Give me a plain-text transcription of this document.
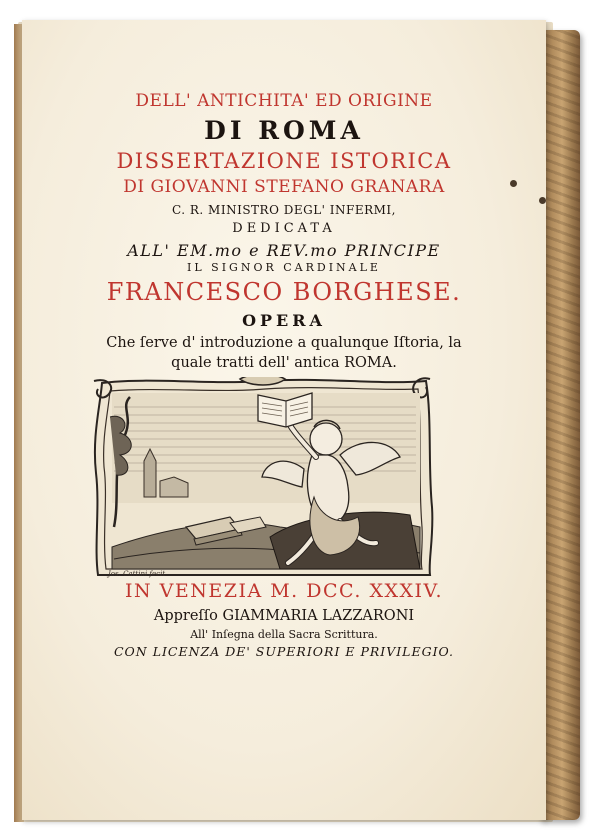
DELL' ANTICHITA' ED ORIGINE
DI ROMA
DISSERTAZIONE ISTORICA
DI GIOVANNI STEFANO GRANARA
C. R. MINISTRO DEGL' INFERMI,
DEDICATA
ALL' EM.mo e REV.mo PRINCIPE
IL SIGNOR CARDINALE
FRANCESCO BORGHESE.
OPERA
Che ſerve d' introduzione a qualunque Iſtoria, la
quale tratti dell' antica ROMA.
Jos. Cattini fecit
IN VENEZIA M. DCC. XXXIV.
Appreſſo GIAMMARIA LAZZARONI
All' Inſegna della Sacra Scrittura.
CON LICENZA DE' SUPERIORI E PRIVILEGIO.
